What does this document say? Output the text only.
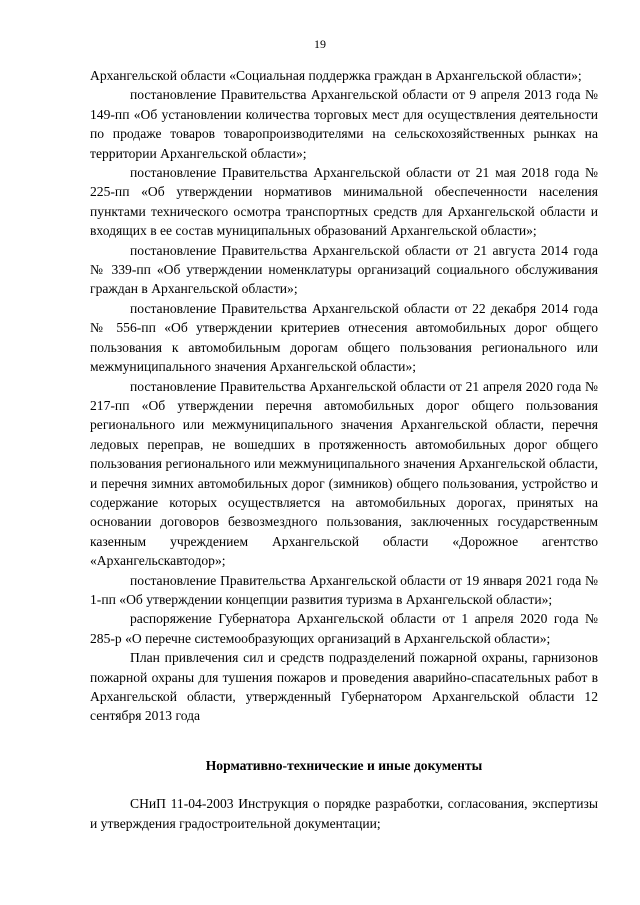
19

Архангельской области «Социальная поддержка граждан в Архангельской области»;

постановление Правительства Архангельской области от 9 апреля 2013 года № 149-пп «Об установлении количества торговых мест для осуществления деятельности по продаже товаров товаропроизводителями на сельскохозяйственных рынках на территории Архангельской области»;

постановление Правительства Архангельской области от 21 мая 2018 года № 225-пп «Об утверждении нормативов минимальной обеспеченности населения пунктами технического осмотра транспортных средств для Архангельской области и входящих в ее состав муниципальных образований Архангельской области»;

постановление Правительства Архангельской области от 21 августа 2014 года № 339-пп «Об утверждении номенклатуры организаций социального обслуживания граждан в Архангельской области»;

постановление Правительства Архангельской области от 22 декабря 2014 года № 556-пп «Об утверждении критериев отнесения автомобильных дорог общего пользования к автомобильным дорогам общего пользования регионального или межмуниципального значения Архангельской области»;

постановление Правительства Архангельской области от 21 апреля 2020 года № 217-пп «Об утверждении перечня автомобильных дорог общего пользования регионального или межмуниципального значения Архангельской области, перечня ледовых переправ, не вошедших в протяженность автомобильных дорог общего пользования регионального или межмуниципального значения Архангельской области, и перечня зимних автомобильных дорог (зимников) общего пользования, устройство и содержание которых осуществляется на автомобильных дорогах, принятых на основании договоров безвозмездного пользования, заключенных государственным казенным учреждением Архангельской области «Дорожное агентство «Архангельскавтодор»;

постановление Правительства Архангельской области от 19 января 2021 года № 1-пп «Об утверждении концепции развития туризма в Архангельской области»;

распоряжение Губернатора Архангельской области от 1 апреля 2020 года № 285-р «О перечне системообразующих организаций в Архангельской области»;

План привлечения сил и средств подразделений пожарной охраны, гарнизонов пожарной охраны для тушения пожаров и проведения аварийно-спасательных работ в Архангельской области, утвержденный Губернатором Архангельской области 12 сентября 2013 года

Нормативно-технические и иные документы

СНиП 11-04-2003 Инструкция о порядке разработки, согласования, экспертизы и утверждения градостроительной документации;
